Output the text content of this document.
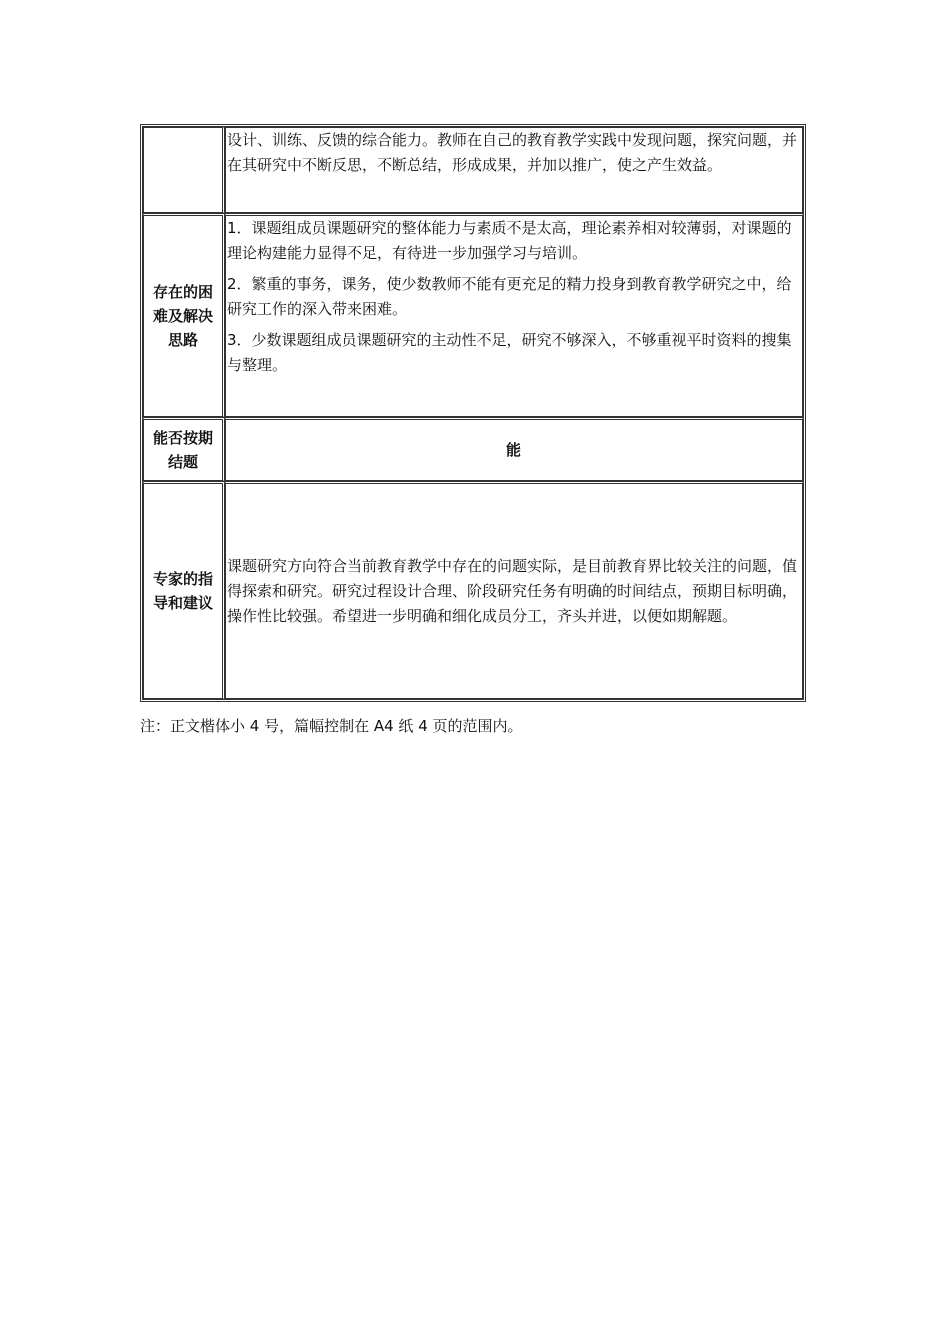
	设计、训练、反馈的综合能力。教师在自己的教育教学实践中发现问题，探究问题，并在其研究中不断反思，不断总结，形成成果，并加以推广，使之产生效益。
存在的困难及解决思路	1．课题组成员课题研究的整体能力与素质不是太高，理论素养相对较薄弱，对课题的理论构建能力显得不足，有待进一步加强学习与培训。

2．繁重的事务，课务，使少数教师不能有更充足的精力投身到教育教学研究之中，给研究工作的深入带来困难。

3．少数课题组成员课题研究的主动性不足，研究不够深入，不够重视平时资料的搜集与整理。

能否按期结题	能
专家的指导和建议	课题研究方向符合当前教育教学中存在的问题实际，是目前教育界比较关注的问题，值得探索和研究。研究过程设计合理、阶段研究任务有明确的时间结点，预期目标明确，操作性比较强。希望进一步明确和细化成员分工，齐头并进，以便如期解题。

注：正文楷体小 4 号，篇幅控制在 A4 纸 4 页的范围内。
